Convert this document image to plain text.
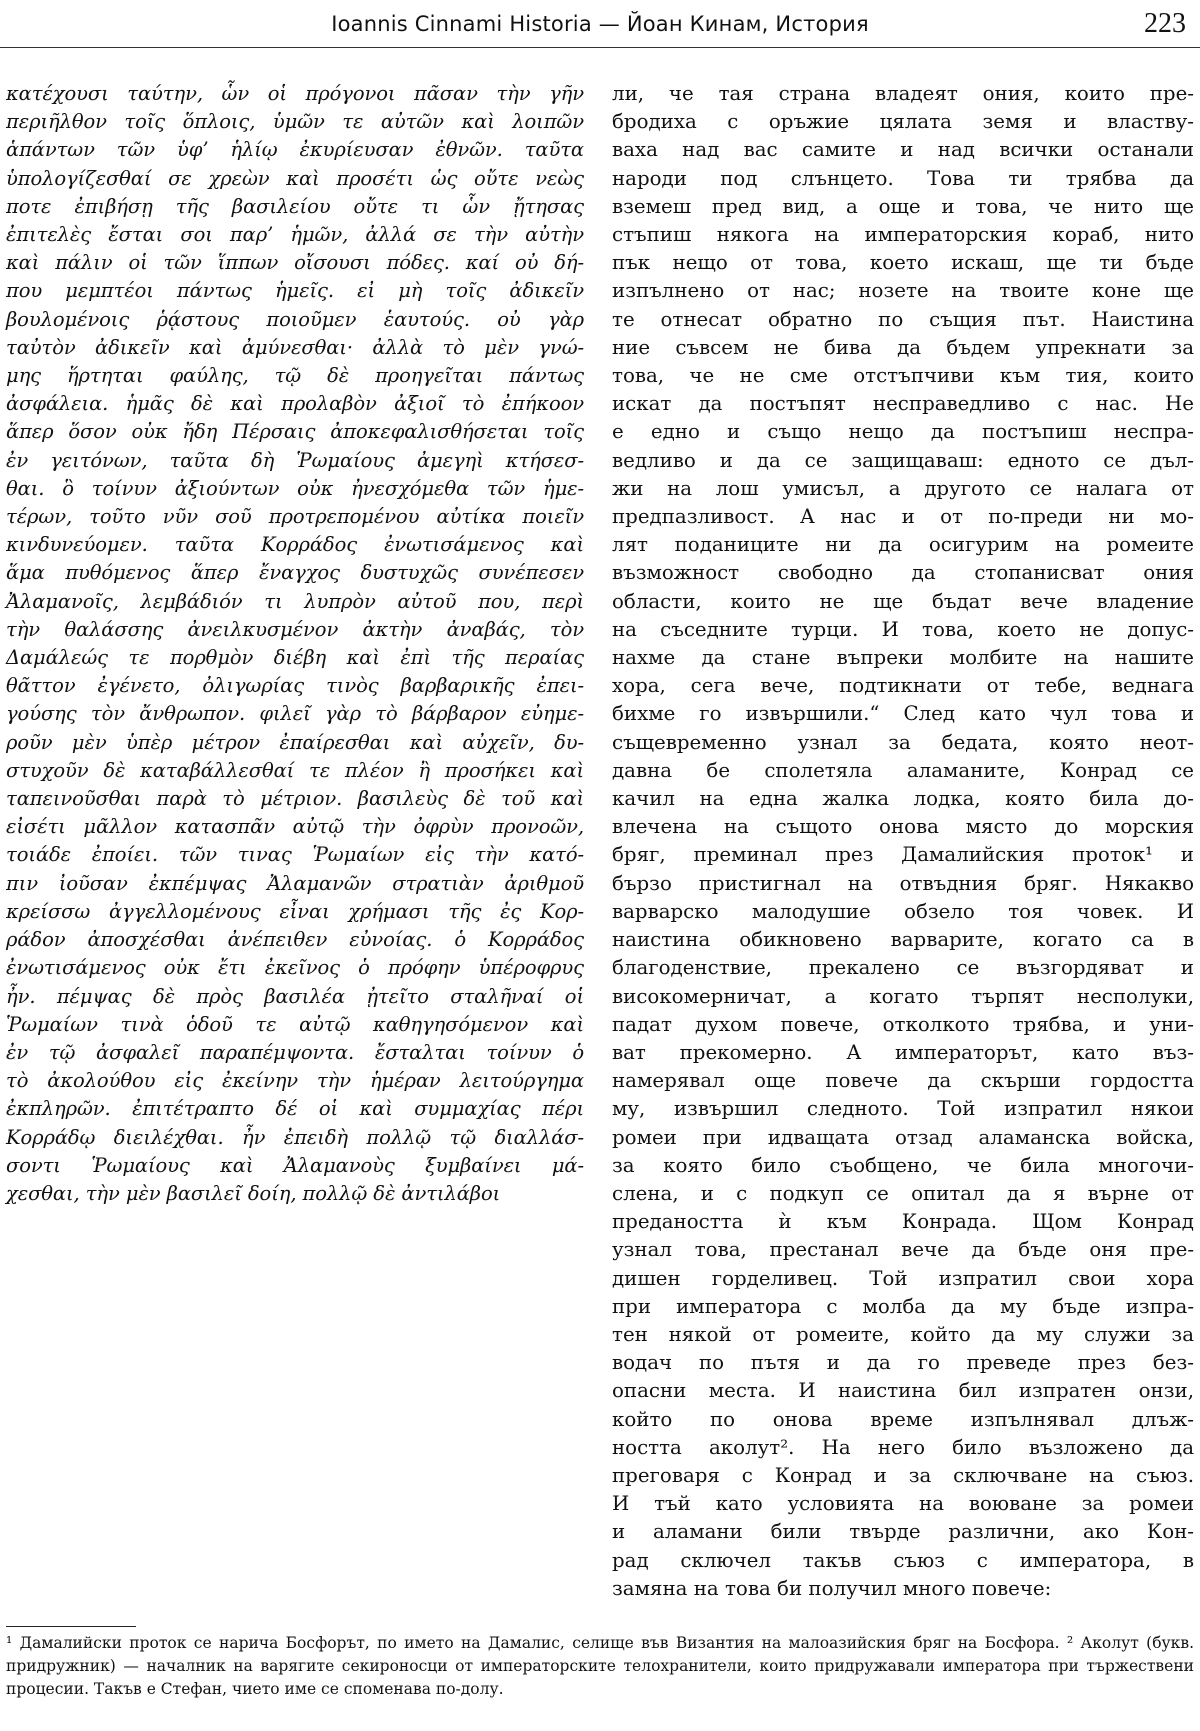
Ioannis Cinnami Historia — Йоан Кинам, История	223

κατέχουσι ταύτην, ὧν οἱ πρόγονοι πᾶσαν τὴν γῆν

περιῆλθον τοῖς ὅπλοις, ὑμῶν τε αὐτῶν καὶ λοιπῶν

ἁπάντων τῶν ὑφ’ ἡλίῳ ἐκυρίευσαν ἐθνῶν. ταῦτα

ὑπολογίζεσθαί σε χρεὼν καὶ προσέτι ὡς οὔτε νεὼς

ποτε ἐπιβήσῃ τῆς βασιλείου οὔτε τι ὧν ᾔτησας

ἐπιτελὲς ἔσται σοι παρ’ ἡμῶν, ἀλλά σε τὴν αὐτὴν

καὶ πάλιν οἱ τῶν ἵππων οἴσουσι πόδες. καί οὐ δή-

που μεμπτέοι πάντως ἡμεῖς. εἰ μὴ τοῖς ἀδικεῖν

βουλομένοις ῥᾴστους ποιοῦμεν ἑαυτούς. οὐ γὰρ

ταὐτὸν ἀδικεῖν καὶ ἀμύνεσθαι· ἀλλὰ τὸ μὲν γνώ-

μης ἥρτηται φαύλης, τῷ δὲ προηγεῖται πάντως

ἀσφάλεια. ἡμᾶς δὲ καὶ προλαβὸν ἀξιοῖ τὸ ἐπήκοον

ἅπερ ὅσον οὐκ ἤδη Πέρσαις ἀποκεφαλισθήσεται τοῖς

ἐν γειτόνων, ταῦτα δὴ Ῥωμαίους ἀμεγηὶ κτήσεσ-

θαι. ὃ τοίνυν ἀξιούντων οὐκ ἠνεσχόμεθα τῶν ἡμε-

τέρων, τοῦτο νῦν σοῦ προτρεπομένου αὐτίκα ποιεῖν

κινδυνεύομεν. ταῦτα Κορράδος ἐνωτισάμενος καὶ

ἅμα πυθόμενος ἅπερ ἔναγχος δυστυχῶς συνέπεσεν

Ἀλαμανοῖς, λεμβάδιόν τι λυπρὸν αὐτοῦ που, περὶ

τὴν θαλάσσης ἀνειλκυσμένον ἀκτὴν ἀναβάς, τὸν

Δαμάλεώς τε πορθμὸν διέβη καὶ ἐπὶ τῆς περαίας

θᾶττον ἐγένετο, ὀλιγωρίας τινὸς βαρβαρικῆς ἐπει-

γούσης τὸν ἄνθρωπον. φιλεῖ γὰρ τὸ βάρβαρον εὐημε-

ροῦν μὲν ὑπὲρ μέτρον ἐπαίρεσθαι καὶ αὐχεῖν, δυ-

στυχοῦν δὲ καταβάλλεσθαί τε πλέον ἢ προσήκει καὶ

ταπεινοῦσθαι παρὰ τὸ μέτριον. βασιλεὺς δὲ τοῦ καὶ

εἰσέτι μᾶλλον κατασπᾶν αὐτῷ τὴν ὀφρὺν προνοῶν,

τοιάδε ἐποίει. τῶν τινας Ῥωμαίων εἰς τὴν κατό-

πιν ἰοῦσαν ἐκπέμψας Ἀλαμανῶν στρατιὰν ἀριθμοῦ

κρείσσω ἀγγελλομένους εἶναι χρήμασι τῆς ἐς Κορ-

ράδον ἀποσχέσθαι ἀνέπειθεν εὐνοίας. ὁ Κορράδος

ἐνωτισάμενος οὐκ ἔτι ἐκεῖνος ὁ πρόφην ὑπέροφρυς

ἦν. πέμψας δὲ πρὸς βασιλέα ᾐτεῖτο σταλῆναί οἱ

Ῥωμαίων τινὰ ὁδοῦ τε αὐτῷ καθηγησόμενον καὶ

ἐν τῷ ἀσφαλεῖ παραπέμψοντα. ἔσταλται τοίνυν ὁ

τὸ ἀκολούθου εἰς ἐκείνην τὴν ἡμέραν λειτούργημα

ἐκπληρῶν. ἐπιτέτραπτο δέ οἱ καὶ συμμαχίας πέρι

Κορράδῳ διειλέχθαι. ἦν ἐπειδὴ πολλῷ τῷ διαλλάσ-

σοντι Ῥωμαίους καὶ Ἀλαμανοὺς ξυμβαίνει μά-

χεσθαι, τὴν μὲν βασιλεῖ δοίη, πολλῷ δὲ ἀντιλάβοι

ли, че тая страна владеят ония, които пре-

бродиха с оръжие цялата земя и властву-

ваха над вас самите и над всички останали

народи под слънцето. Това ти трябва да

вземеш пред вид, а още и това, че нито ще

стъпиш някога на императорския кораб, нито

пък нещо от това, което искаш, ще ти бъде

изпълнено от нас; нозете на твоите коне ще

те отнесат обратно по същия път. Наистина

ние съвсем не бива да бъдем упрекнати за

това, че не сме отстъпчиви към тия, които

искат да постъпят несправедливо с нас. Не

е едно и също нещо да постъпиш неспра-

ведливо и да се защищаваш: едното се дъл-

жи на лош умисъл, а другото се налага от

предпазливост. А нас и от по-преди ни мо-

лят поданиците ни да осигурим на ромеите

възможност свободно да стопанисват ония

области, които не ще бъдат вече владение

на съседните турци. И това, което не допус-

нахме да стане въпреки молбите на нашите

хора, сега вече, подтикнати от тебе, веднага

бихме го извършили.“ След като чул това и

същевременно узнал за бедата, която неот-

давна бе сполетяла аламаните, Конрад се

качил на една жалка лодка, която била до-

влечена на същото онова място до морския

бряг, преминал през Дамалийския проток¹ и

бързо пристигнал на отвъдния бряг. Някакво

варварско малодушие обзело тоя човек. И

наистина обикновено варварите, когато са в

благоденствие, прекалено се възгордяват и

високомерничат, а когато търпят несполуки,

падат духом повече, отколкото трябва, и уни-

ват прекомерно. А императорът, като въз-

намерявал още повече да скърши гордостта

му, извършил следното. Той изпратил някои

ромеи при идващата отзад аламанска войска,

за която било съобщено, че била многочи-

слена, и с подкуп се опитал да я върне от

предаността ѝ към Конрада. Щом Конрад

узнал това, престанал вече да бъде оня пре-

дишен горделивец. Той изпратил свои хора

при императора с молба да му бъде изпра-

тен някой от ромеите, който да му служи за

водач по пътя и да го преведе през без-

опасни места. И наистина бил изпратен онзи,

който по онова време изпълнявал длъж-

ността аколут². На него било възложено да

преговаря с Конрад и за сключване на съюз.

И тъй като условията на воюване за ромеи

и аламани били твърде различни, ако Кон-

рад сключел такъв съюз с императора, в

замяна на това би получил много повече:

¹ Дамалийски проток се нарича Босфорът, по името на Дамалис, селище във Византия на малоазийския бряг на Босфора. ² Аколут (букв. придружник) — началник на варягите секироносци от императорските телохранители, които придружавали императора при тържествени процесии. Такъв е Стефан, чието име се споменава по-долу.
